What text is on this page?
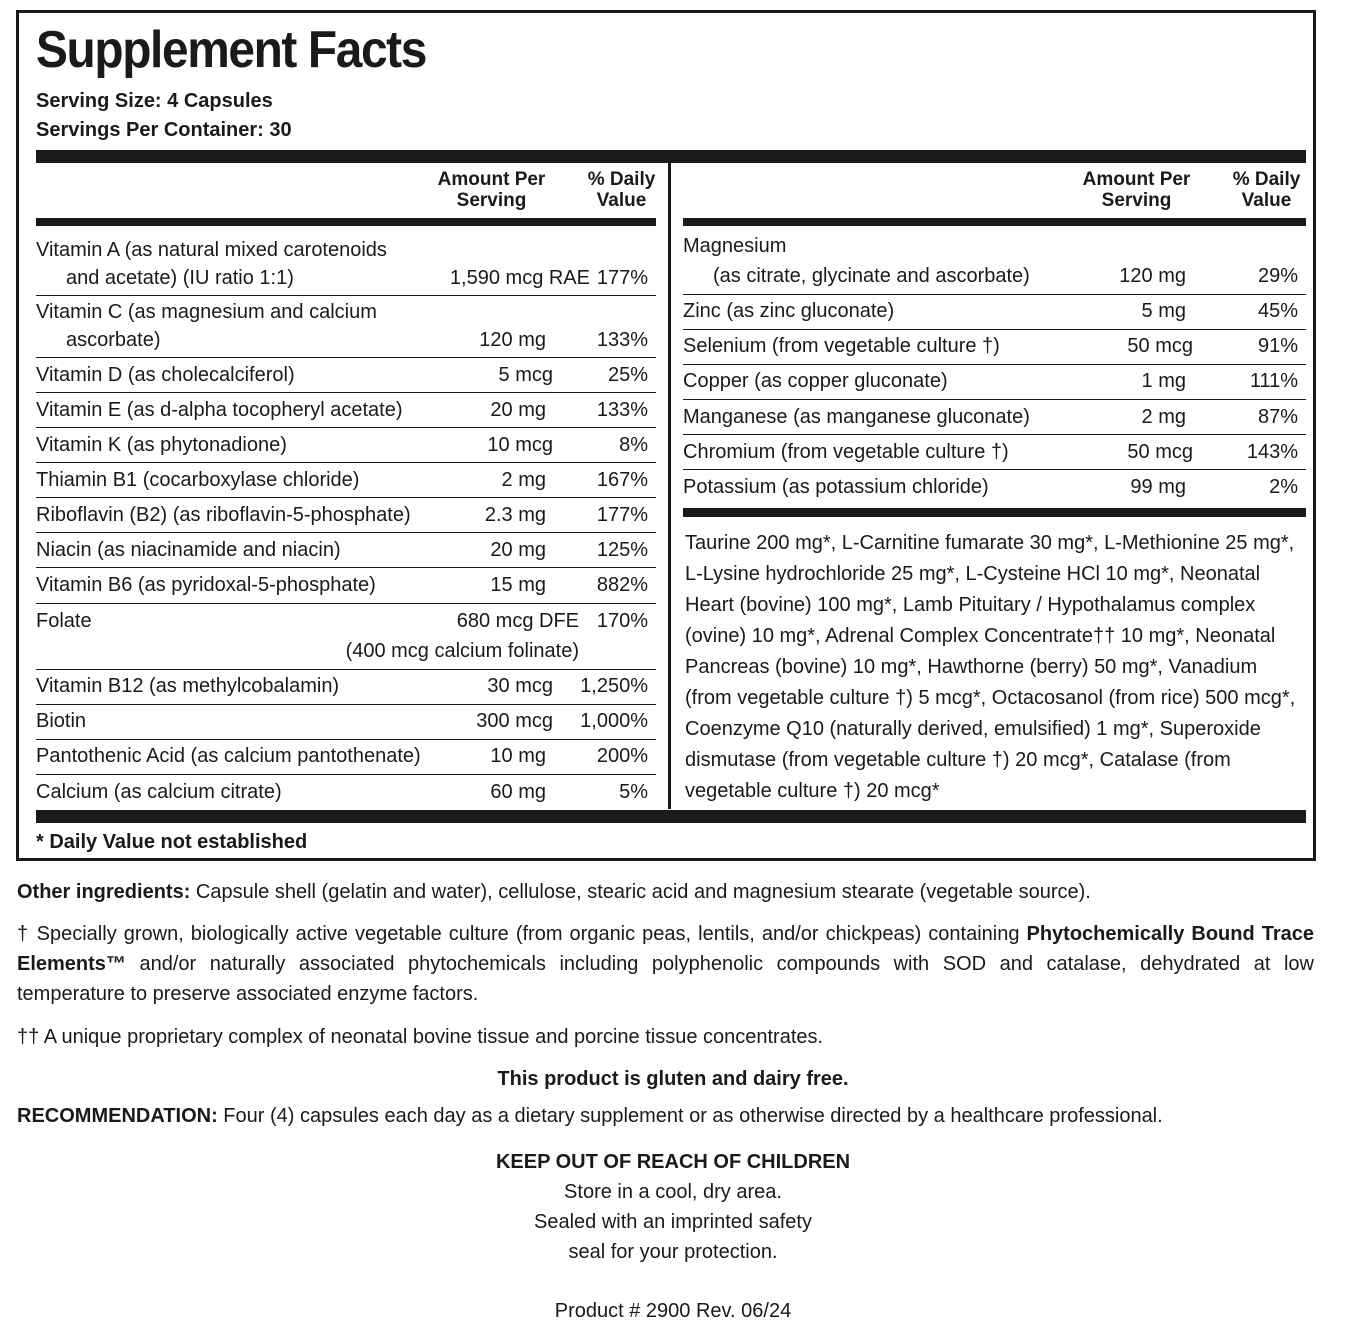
Supplement Facts
Serving Size: 4 Capsules
Servings Per Container: 30
Amount Per
Serving
% Daily
Value
Amount Per
Serving
% Daily
Value
Vitamin A (as natural mixed carotenoids
and acetate) (IU ratio 1:1)	1,590 mcg RAE 177%
Vitamin C (as magnesium and calcium
ascorbate)	120 mg	133%
Vitamin D (as cholecalciferol)	5 mcg	25%
Vitamin E (as d-alpha tocopheryl acetate)	20 mg	133%
Vitamin K (as phytonadione)	10 mcg	8%
Thiamin B1 (cocarboxylase chloride)	2 mg	167%
Riboflavin (B2) (as riboflavin-5-phosphate)	2.3 mg	177%
Niacin (as niacinamide and niacin)	20 mg	125%
Vitamin B6 (as pyridoxal-5-phosphate)	15 mg	882%
Folate	680 mcg DFE 170%
(400 mcg calcium folinate)
Vitamin B12 (as methylcobalamin)	30 mcg 1,250%
Biotin	300 mcg 1,000%
Pantothenic Acid (as calcium pantothenate)	10 mg	200%
Calcium (as calcium citrate)	60 mg	5%
Magnesium
(as citrate, glycinate and ascorbate)	120 mg	29%
Zinc (as zinc gluconate)	5 mg	45%
Selenium (from vegetable culture †)	50 mcg	91%
Copper (as copper gluconate)	1 mg	111%
Manganese (as manganese gluconate)	2 mg	87%
Chromium (from vegetable culture †)	50 mcg	143%
Potassium (as potassium chloride)	99 mg	2%
Taurine 200 mg*, L-Carnitine fumarate 30 mg*, L-Methionine 25 mg*,
L-Lysine hydrochloride 25 mg*, L-Cysteine HCl 10 mg*, Neonatal
Heart (bovine) 100 mg*, Lamb Pituitary / Hypothalamus complex
(ovine) 10 mg*, Adrenal Complex Concentrate†† 10 mg*, Neonatal
Pancreas (bovine) 10 mg*, Hawthorne (berry) 50 mg*, Vanadium
(from vegetable culture †) 5 mcg*, Octacosanol (from rice) 500 mcg*,
Coenzyme Q10 (naturally derived, emulsified) 1 mg*, Superoxide
dismutase (from vegetable culture †) 20 mcg*, Catalase (from
vegetable culture †) 20 mcg*
* Daily Value not established
Other ingredients: Capsule shell (gelatin and water), cellulose, stearic acid and magnesium stearate (vegetable source).
† Specially grown, biologically active vegetable culture (from organic peas, lentils, and/or chickpeas) containing Phytochemically Bound Trace Elements™ and/or naturally associated phytochemicals including polyphenolic compounds with SOD and catalase, dehydrated at low temperature to preserve associated enzyme factors.
†† A unique proprietary complex of neonatal bovine tissue and porcine tissue concentrates.
This product is gluten and dairy free.
RECOMMENDATION: Four (4) capsules each day as a dietary supplement or as otherwise directed by a healthcare professional.
KEEP OUT OF REACH OF CHILDREN
Store in a cool, dry area.
Sealed with an imprinted safety
seal for your protection.
Product # 2900 Rev. 06/24
